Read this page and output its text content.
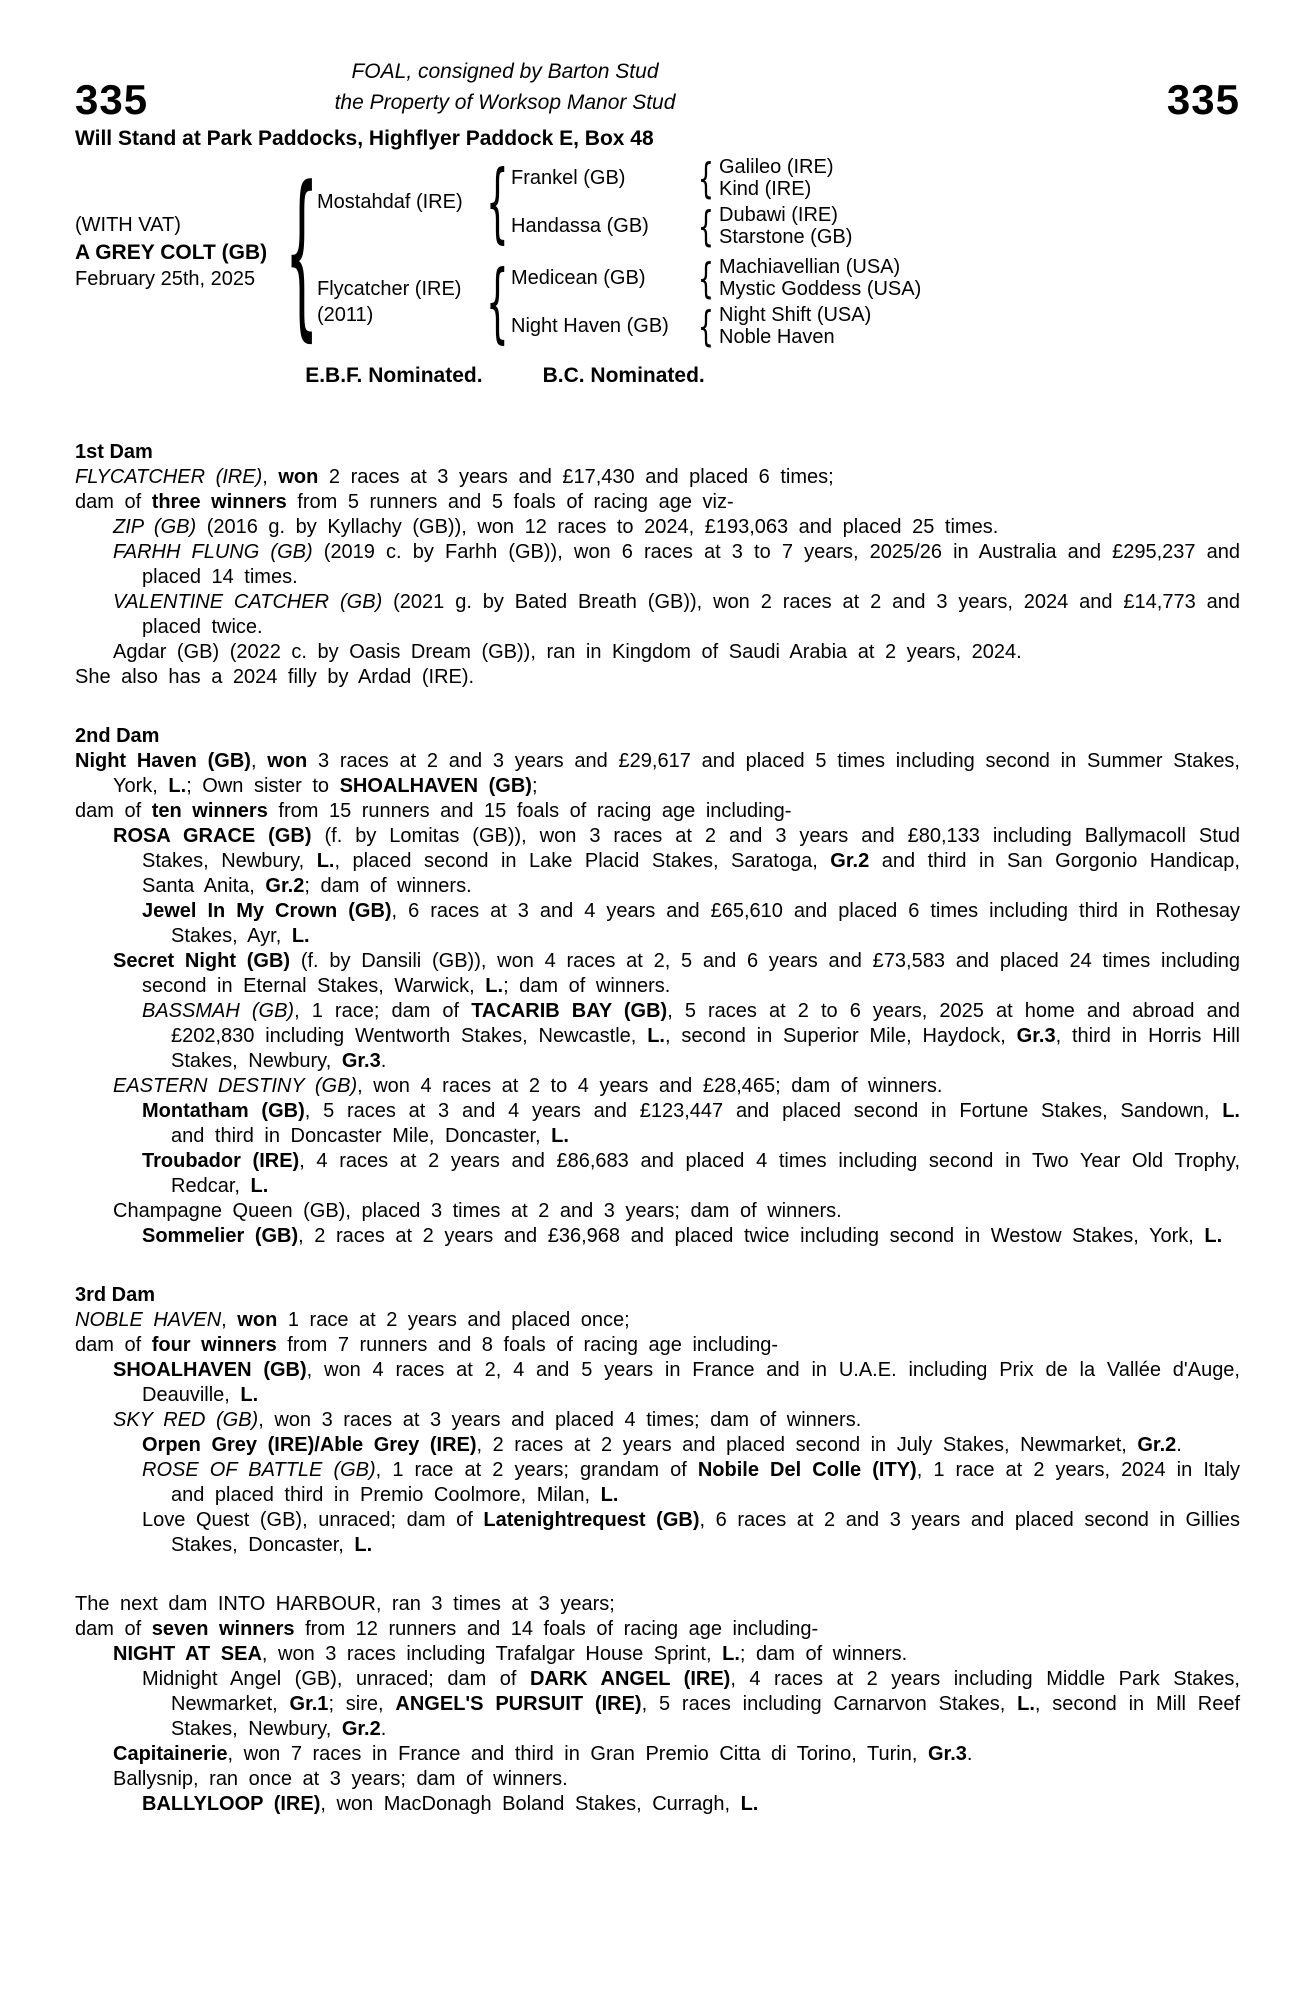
335	335
FOAL, consigned by Barton Stud
the Property of Worksop Manor Stud
Will Stand at Park Paddocks, Highflyer Paddock E, Box 48
(WITH VAT)
A GREY COLT (GB)
February 25th, 2025 {
Mostahdaf (IRE) { Frankel (GB)	{ Galileo (IRE)
Kind (IRE)
Handassa (GB)	{ Dubawi (IRE)
Starstone (GB)
Flycatcher (IRE)
(2011)	{ Medicean (GB)	{ Machiavellian (USA)
Mystic Goddess (USA)
Night Haven (GB)	{ Night Shift (USA)
Noble Haven
E.B.F. Nominated.	B.C. Nominated.
1st Dam
FLYCATCHER (IRE), won 2 races at 3 years and £17,430 and placed 6 times;
dam of three winners from 5 runners and 5 foals of racing age viz-
ZIP (GB) (2016 g. by Kyllachy (GB)), won 12 races to 2024, £193,063 and placed 25 times.
FARHH FLUNG (GB) (2019 c. by Farhh (GB)), won 6 races at 3 to 7 years, 2025/26 in Australia and £295,237 and placed 14 times.
VALENTINE CATCHER (GB) (2021 g. by Bated Breath (GB)), won 2 races at 2 and 3 years, 2024 and £14,773 and placed twice.
Agdar (GB) (2022 c. by Oasis Dream (GB)), ran in Kingdom of Saudi Arabia at 2 years, 2024.
She also has a 2024 filly by Ardad (IRE).
2nd Dam
Night Haven (GB), won 3 races at 2 and 3 years and £29,617 and placed 5 times including second in Summer Stakes, York, L.; Own sister to SHOALHAVEN (GB);
dam of ten winners from 15 runners and 15 foals of racing age including-
ROSA GRACE (GB) (f. by Lomitas (GB)), won 3 races at 2 and 3 years and £80,133 including Ballymacoll Stud Stakes, Newbury, L., placed second in Lake Placid Stakes, Saratoga, Gr.2 and third in San Gorgonio Handicap, Santa Anita, Gr.2; dam of winners.
Jewel In My Crown (GB), 6 races at 3 and 4 years and £65,610 and placed 6 times including third in Rothesay Stakes, Ayr, L.
Secret Night (GB) (f. by Dansili (GB)), won 4 races at 2, 5 and 6 years and £73,583 and placed 24 times including second in Eternal Stakes, Warwick, L.; dam of winners.
BASSMAH (GB), 1 race; dam of TACARIB BAY (GB), 5 races at 2 to 6 years, 2025 at home and abroad and £202,830 including Wentworth Stakes, Newcastle, L., second in Superior Mile, Haydock, Gr.3, third in Horris Hill Stakes, Newbury, Gr.3.
EASTERN DESTINY (GB), won 4 races at 2 to 4 years and £28,465; dam of winners.
Montatham (GB), 5 races at 3 and 4 years and £123,447 and placed second in Fortune Stakes, Sandown, L. and third in Doncaster Mile, Doncaster, L.
Troubador (IRE), 4 races at 2 years and £86,683 and placed 4 times including second in Two Year Old Trophy, Redcar, L.
Champagne Queen (GB), placed 3 times at 2 and 3 years; dam of winners.
Sommelier (GB), 2 races at 2 years and £36,968 and placed twice including second in Westow Stakes, York, L.
3rd Dam
NOBLE HAVEN, won 1 race at 2 years and placed once;
dam of four winners from 7 runners and 8 foals of racing age including-
SHOALHAVEN (GB), won 4 races at 2, 4 and 5 years in France and in U.A.E. including Prix de la Vallée d'Auge, Deauville, L.
SKY RED (GB), won 3 races at 3 years and placed 4 times; dam of winners.
Orpen Grey (IRE)/Able Grey (IRE), 2 races at 2 years and placed second in July Stakes, Newmarket, Gr.2.
ROSE OF BATTLE (GB), 1 race at 2 years; grandam of Nobile Del Colle (ITY), 1 race at 2 years, 2024 in Italy and placed third in Premio Coolmore, Milan, L.
Love Quest (GB), unraced; dam of Latenightrequest (GB), 6 races at 2 and 3 years and placed second in Gillies Stakes, Doncaster, L.
The next dam INTO HARBOUR, ran 3 times at 3 years;
dam of seven winners from 12 runners and 14 foals of racing age including-
NIGHT AT SEA, won 3 races including Trafalgar House Sprint, L.; dam of winners.
Midnight Angel (GB), unraced; dam of DARK ANGEL (IRE), 4 races at 2 years including Middle Park Stakes, Newmarket, Gr.1; sire, ANGEL'S PURSUIT (IRE), 5 races including Carnarvon Stakes, L., second in Mill Reef Stakes, Newbury, Gr.2.
Capitainerie, won 7 races in France and third in Gran Premio Citta di Torino, Turin, Gr.3.
Ballysnip, ran once at 3 years; dam of winners.
BALLYLOOP (IRE), won MacDonagh Boland Stakes, Curragh, L.
